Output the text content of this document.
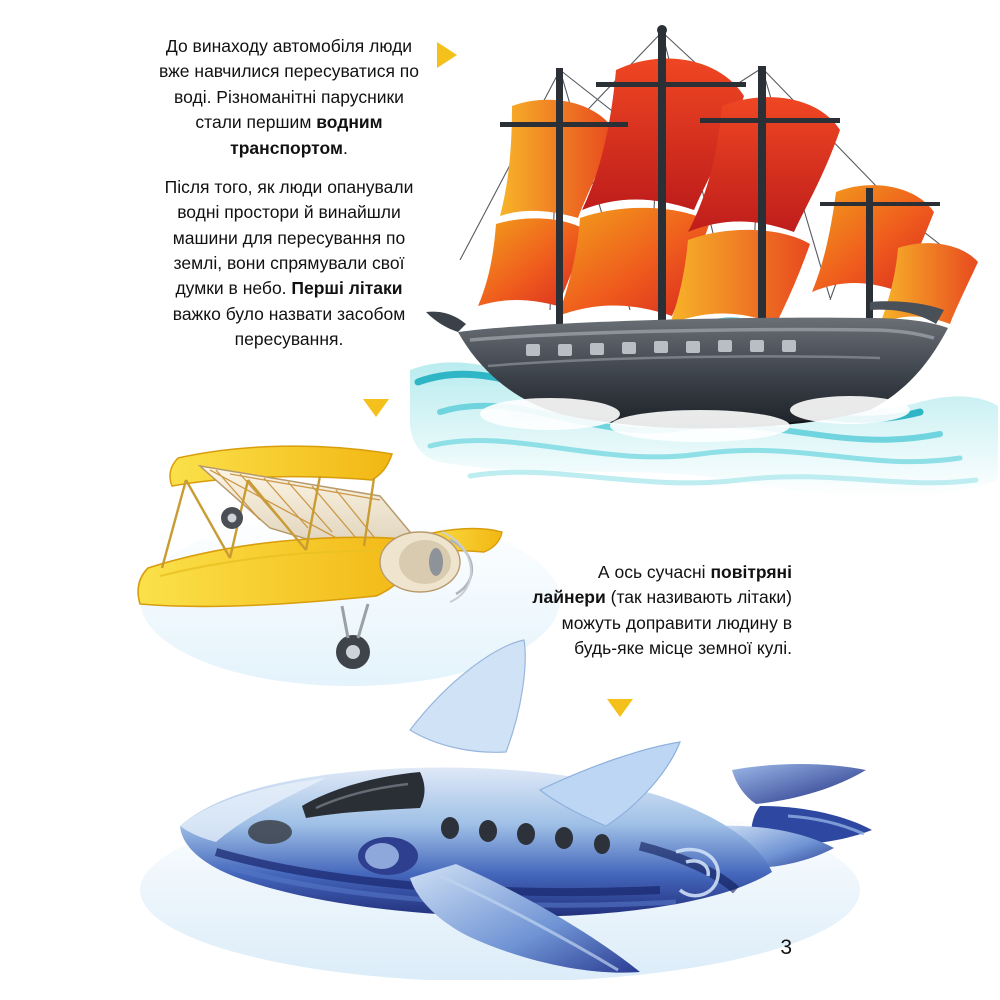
До винаходу автомобіля люди вже навчилися пересуватися по воді. Різноманітні парусники стали першим водним транспортом.

Після того, як люди опанували водні простори й винайшли машини для пересування по землі, вони спрямували свої думки в небо. Перші літаки важко було назвати засобом пересування.

А ось сучасні повітряні лайнери (так називають літаки) можуть доправити людину в будь-яке місце земної кулі.

3
